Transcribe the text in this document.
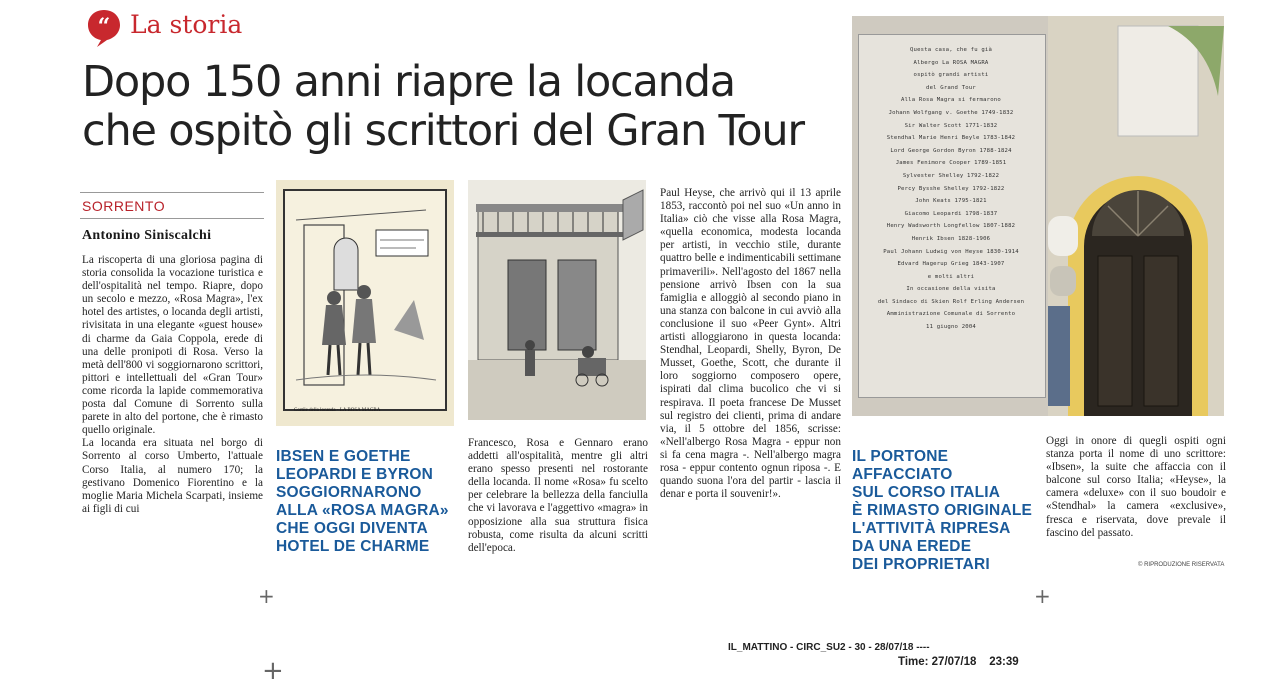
“ La storia
Dopo 150 anni riapre la locanda
che ospitò gli scrittori del Gran Tour
SORRENTO
Antonino Siniscalchi

La riscoperta di una gloriosa pagina di storia consolida la vocazione turistica e dell'ospitalità nel tempo. Riapre, dopo un secolo e mezzo, «Rosa Magra», l'ex hotel des artistes, o locanda degli artisti, rivisitata in una elegante «guest house» di charme da Gaia Coppola, erede di una delle pronipoti di Rosa. Verso la metà dell'800 vi soggiornarono scrittori, pittori e intellettuali del «Gran Tour» come ricorda la lapide commemorativa posta dal Comune di Sorrento sulla parete in alto del portone, che è rimasto quello originale.

La locanda era situata nel borgo di Sorrento al corso Umberto, l'attuale Corso Italia, al numero 170; la gestivano Domenico Fiorentino e la moglie Maria Michela Scarpati, insieme ai figli di cui

Cortile della locanda - LA ROSA MAGRA
IBSEN E GOETHE
LEOPARDI E BYRON
SOGGIORNARONO
ALLA «ROSA MAGRA»
CHE OGGI DIVENTA
HOTEL DE CHARME

Francesco, Rosa e Gennaro erano addetti all'ospitalità, mentre gli altri erano spesso presenti nel rostorante della locanda. Il nome «Rosa» fu scelto per celebrare la bellezza della fanciulla che vi lavorava e l'aggettivo «magra» in opposizione alla sua struttura fisica robusta, come risulta da alcuni scritti dell'epoca.

Paul Heyse, che arrivò qui il 13 aprile 1853, raccontò poi nel suo «Un anno in Italia» ciò che visse alla Rosa Magra, «quella economica, modesta locanda per artisti, in vecchio stile, durante quattro belle e indimenticabili settimane primaverili». Nell'agosto del 1867 nella pensione arrivò Ibsen con la sua famiglia e alloggiò al secondo piano in una stanza con balcone in cui avviò alla conclusione il suo «Peer Gynt». Altri artisti alloggiarono in questa locanda: Stendhal, Leopardi, Shelly, Byron, De Musset, Goethe, Scott, che durante il loro soggiorno composero opere, ispirati dal clima bucolico che vi si respirava. Il poeta francese De Musset sul registro dei clienti, prima di andare via, il 5 ottobre del 1856, scrisse: «Nell'albergo Rosa Magra - eppur non si fa cena magra -. Nell'albergo magra rosa - eppur contento ognun riposa -. E quando suona l'ora del partir - lascia il denar e porta il souvenir!».

Questa casa, che fu già
Albergo La ROSA MAGRA
ospitò grandi artisti
del Grand Tour
Alla Rosa Magra si fermarono
Johann Wolfgang v. Goethe 1749-1832
Sir Walter Scott 1771-1832
Stendhal Marie Henri Beyle 1783-1842
Lord George Gordon Byron 1788-1824
James Fenimore Cooper 1789-1851
Sylvester Shelley 1792-1822
Percy Bysshe Shelley 1792-1822
John Keats 1795-1821
Giacomo Leopardi 1798-1837
Henry Wadsworth Longfellow 1807-1882
Henrik Ibsen 1828-1906
Paul Johann Ludwig von Heyse 1830-1914
Edvard Hagerup Grieg 1843-1907
e molti altri
In occasione della visita
del Sindaco di Skien Rolf Erling Andersen
Amministrazione Comunale di Sorrento
11 giugno 2004
IL PORTONE AFFACCIATO
SUL CORSO ITALIA
È RIMASTO ORIGINALE
L'ATTIVITÀ RIPRESA
DA UNA EREDE
DEI PROPRIETARI

Oggi in onore di quegli ospiti ogni stanza porta il nome di uno scrittore: «Ibsen», la suite che affaccia con il balcone sul corso Italia; «Heyse», la camera «deluxe» con il suo boudoir e «Stendhal» la camera «exclusive», fresca e riservata, dove prevale il fascino del passato.

© RIPRODUZIONE RISERVATA
+	+
+
IL_MATTINO - CIRC_SU2 - 30 - 28/07/18 ----
Time: 27/07/18    23:39
